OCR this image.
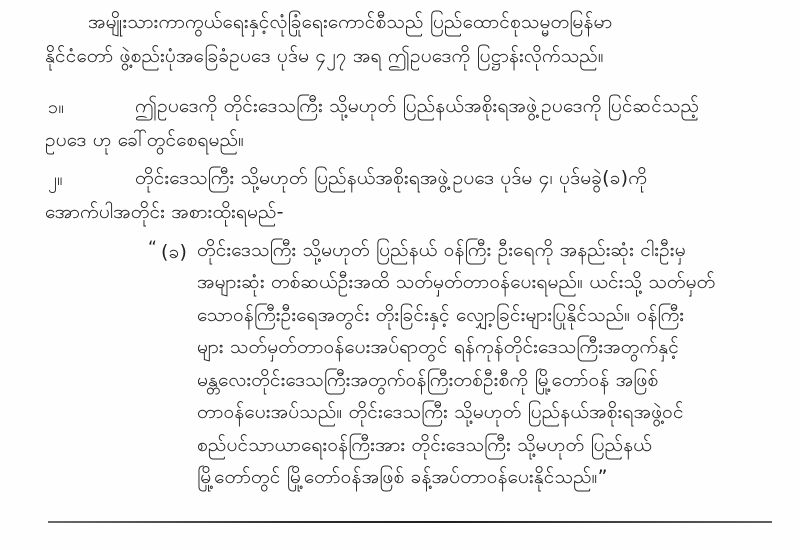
အမျိုးသားကာကွယ်ရေးနှင့်လုံခြုံရေးကောင်စီသည် ပြည်ထောင်စုသမ္မတမြန်မာ
နိုင်ငံတော် ဖွဲ့စည်းပုံအခြေခံဥပဒေ ပုဒ်မ ၄၂၇ အရ ဤဥပဒေကို ပြဋ္ဌာန်းလိုက်သည်။
၁။	ဤဥပဒေကို တိုင်းဒေသကြီး သို့မဟုတ် ပြည်နယ်အစိုးရအဖွဲ့ဥပဒေကို ပြင်ဆင်သည့်
ဥပဒေ ဟု ခေါ်တွင်စေရမည်။
၂။	တိုင်းဒေသကြီး သို့မဟုတ် ပြည်နယ်အစိုးရအဖွဲ့ဥပဒေ ပုဒ်မ ၄၊ ပုဒ်မခွဲ(ခ)ကို
အောက်ပါအတိုင်း အစားထိုးရမည်-
“ (ခ) တိုင်းဒေသကြီး သို့မဟုတ် ပြည်နယ် ဝန်ကြီး ဦးရေကို အနည်းဆုံး ငါးဦးမှ
အများဆုံး တစ်ဆယ်ဦးအထိ သတ်မှတ်တာဝန်ပေးရမည်။ ယင်းသို့ သတ်မှတ်
သောဝန်ကြီးဦးရေအတွင်း တိုးခြင်းနှင့် လျှော့ခြင်းများပြုနိုင်သည်။ ဝန်ကြီး
များ သတ်မှတ်တာဝန်ပေးအပ်ရာတွင် ရန်ကုန်တိုင်းဒေသကြီးအတွက်နှင့်
မန္တလေးတိုင်းဒေသကြီးအတွက်ဝန်ကြီးတစ်ဦးစီကို မြို့တော်ဝန် အဖြစ်
တာဝန်ပေးအပ်သည်။ တိုင်းဒေသကြီး သို့မဟုတ် ပြည်နယ်အစိုးရအဖွဲ့ဝင်
စည်ပင်သာယာရေးဝန်ကြီးအား တိုင်းဒေသကြီး သို့မဟုတ် ပြည်နယ်
မြို့တော်တွင် မြို့တော်ဝန်အဖြစ် ခန့်အပ်တာဝန်ပေးနိုင်သည်။”
